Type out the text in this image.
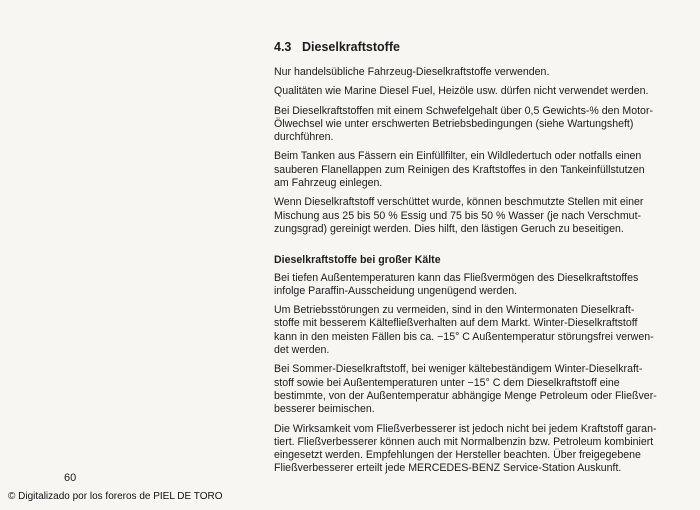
4.3 Dieselkraftstoffe

Nur handelsübliche Fahrzeug-Dieselkraftstoffe verwenden.

Qualitäten wie Marine Diesel Fuel, Heizöle usw. dürfen nicht verwendet werden.

Bei Dieselkraftstoffen mit einem Schwefelgehalt über 0,5 Gewichts-% den Motor-
Ölwechsel wie unter erschwerten Betriebsbedingungen (siehe Wartungsheft)
durchführen.

Beim Tanken aus Fässern ein Einfüllfilter, ein Wildledertuch oder notfalls einen
sauberen Flanellappen zum Reinigen des Kraftstoffes in den Tankeinfüllstutzen
am Fahrzeug einlegen.

Wenn Dieselkraftstoff verschüttet wurde, können beschmutzte Stellen mit einer
Mischung aus 25 bis 50 % Essig und 75 bis 50 % Wasser (je nach Verschmut-
zungsgrad) gereinigt werden. Dies hilft, den lästigen Geruch zu beseitigen.

Dieselkraftstoffe bei großer Kälte

Bei tiefen Außentemperaturen kann das Fließvermögen des Dieselkraftstoffes
infolge Paraffin-Ausscheidung ungenügend werden.

Um Betriebsstörungen zu vermeiden, sind in den Wintermonaten Dieselkraft-
stoffe mit besserem Kältefließverhalten auf dem Markt. Winter-Dieselkraftstoff
kann in den meisten Fällen bis ca. −15° C Außentemperatur störungsfrei verwen-
det werden.

Bei Sommer-Dieselkraftstoff, bei weniger kältebeständigem Winter-Dieselkraft-
stoff sowie bei Außentemperaturen unter −15° C dem Dieselkraftstoff eine
bestimmte, von der Außentemperatur abhängige Menge Petroleum oder Fließver-
besserer beimischen.

Die Wirksamkeit vom Fließverbesserer ist jedoch nicht bei jedem Kraftstoff garan-
tiert. Fließverbesserer können auch mit Normalbenzin bzw. Petroleum kombiniert
eingesetzt werden. Empfehlungen der Hersteller beachten. Über freigegebene
Fließverbesserer erteilt jede MERCEDES-BENZ Service-Station Auskunft.

60
© Digitalizado por los foreros de PIEL DE TORO
